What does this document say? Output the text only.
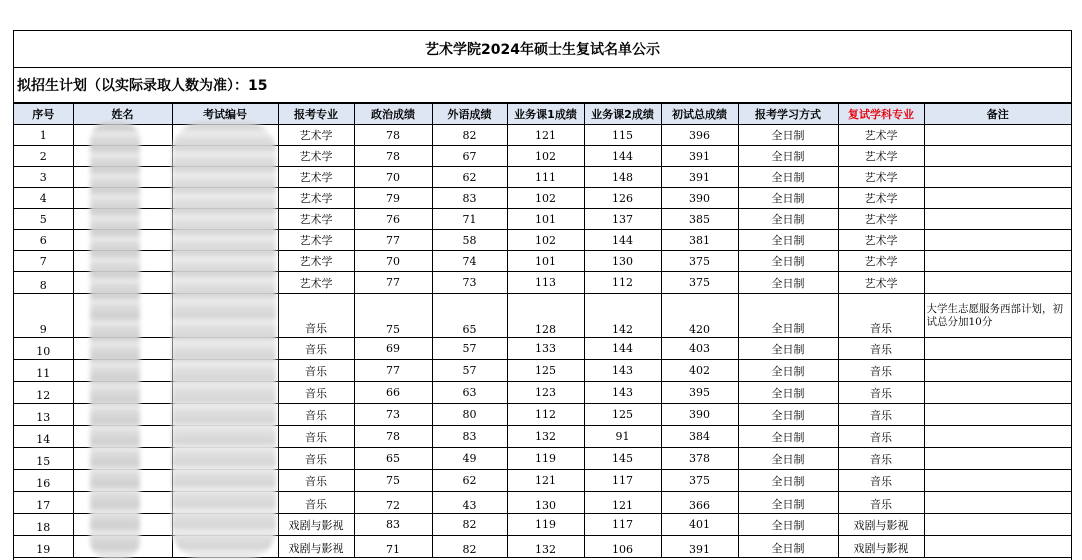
艺术学院2024年硕士生复试名单公示
拟招生计划（以实际录取人数为准）：15
序号	姓名	考试编号	报考专业	政治成绩	外语成绩	业务课1成绩	业务课2成绩	初试总成绩	报考学习方式	复试学科专业	备注
1			艺术学	78	82	121	115	396	全日制	艺术学	
2			艺术学	78	67	102	144	391	全日制	艺术学	
3			艺术学	70	62	111	148	391	全日制	艺术学	
4			艺术学	79	83	102	126	390	全日制	艺术学	
5			艺术学	76	71	101	137	385	全日制	艺术学	
6			艺术学	77	58	102	144	381	全日制	艺术学	
7			艺术学	70	74	101	130	375	全日制	艺术学	
8			艺术学	77	73	113	112	375	全日制	艺术学	
9			音乐	75	65	128	142	420	全日制	音乐	大学生志愿服务西部计划，初试总分加10分
10			音乐	69	57	133	144	403	全日制	音乐	
11			音乐	77	57	125	143	402	全日制	音乐	
12			音乐	66	63	123	143	395	全日制	音乐	
13			音乐	73	80	112	125	390	全日制	音乐	
14			音乐	78	83	132	91	384	全日制	音乐	
15			音乐	65	49	119	145	378	全日制	音乐	
16			音乐	75	62	121	117	375	全日制	音乐	
17			音乐	72	43	130	121	366	全日制	音乐	
18			戏剧与影视	83	82	119	117	401	全日制	戏剧与影视	
19			戏剧与影视	71	82	132	106	391	全日制	戏剧与影视	
